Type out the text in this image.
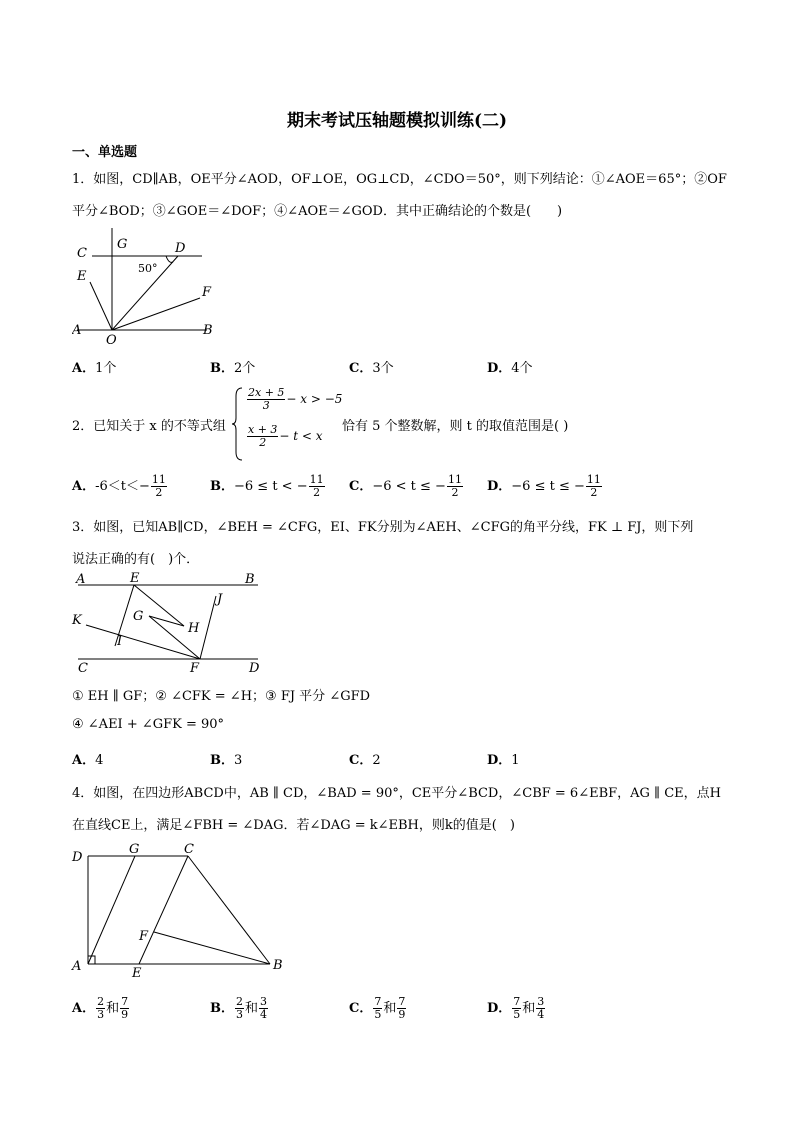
期末考试压轴题模拟训练(二)
一、单选题
1．如图，CD∥AB，OE平分∠AOD，OF⊥OE，OG⊥CD，∠CDO＝50°，则下列结论：①∠AOE＝65°；②OF
平分∠BOD；③∠GOE＝∠DOF；④∠AOE＝∠GOD．其中正确结论的个数是(　　)
C
G	D
E
50°
F
A
O
B
A．1个	B．2个	C．3个	D．4个
2．已知关于 x 的不等式组
$\frac{2x + 5}{3} - x > -5$
$\frac{x + 3}{2} - t < x$
恰有 5 个整数解，则 t 的取值范围是( )
A．$-6<t<- \frac{11}{2}$	B．−6 ≤ t < − $\frac{11}{2}$ C．−6 < t ≤ − $\frac{11}{2}$ D．−6 ≤ t ≤ − $\frac{11}{2}$
3．如图，已知AB∥CD，∠BEH = ∠CFG，EI、FK分别为∠AEH、∠CFG的角平分线，FK ⊥ FJ，则下列
说法正确的有(　)个．
A	E	B
J
G
H
K
I
C	F	D
① EH ∥ GF；② ∠CFK = ∠H；③ FJ 平分 ∠GFD
④ ∠AEI + ∠GFK = 90°
A．4	B．3	C．2	D．1
4．如图，在四边形ABCD中，AB ∥ CD，∠BAD = 90°，CE平分∠BCD，∠CBF = 6∠EBF，AG ∥ CE，点H
在直线CE上，满足∠FBH = ∠DAG．若∠DAG = k∠EBH，则k的值是(　)
D
G	C
F
A	E
B
A． $\frac{2}{3}$ 和 $\frac{7}{9}$	B． $\frac{2}{3}$ 和 $\frac{3}{4}$	C． $\frac{7}{5}$ 和 $\frac{7}{9}$	D． $\frac{7}{5}$ 和 $\frac{3}{4}$
